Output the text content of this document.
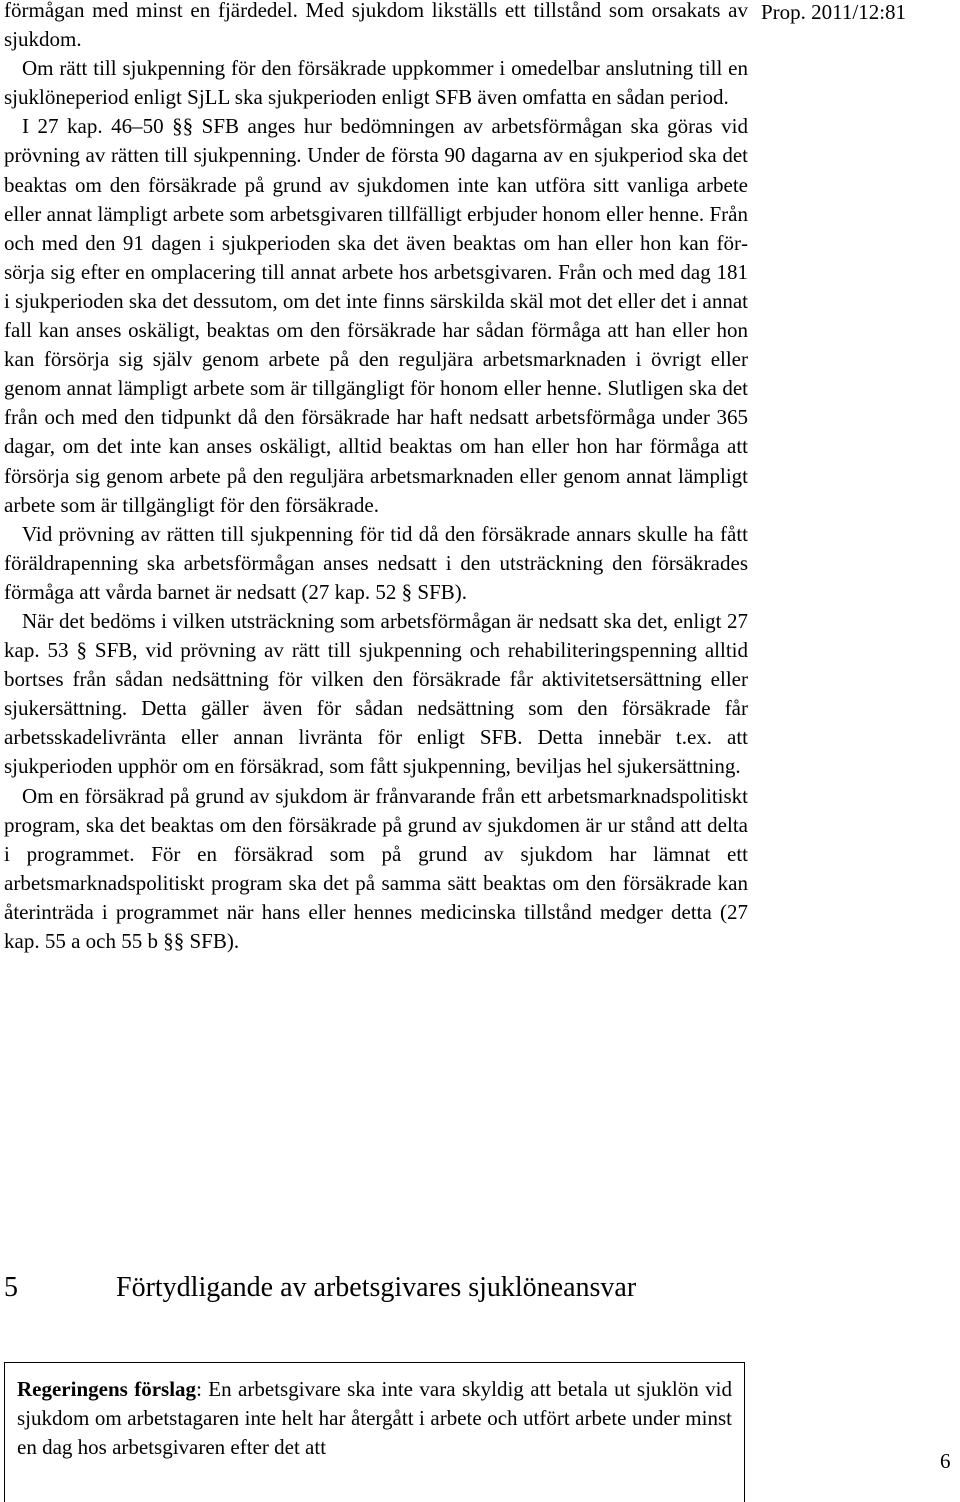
Prop. 2011/12:81

förmågan med minst en fjärdedel. Med sjukdom likställs ett tillstånd som orsakats av sjukdom.

Om rätt till sjukpenning för den försäkrade uppkommer i omedelbar anslutning till en sjuklöneperiod enligt SjLL ska sjukperioden enligt SFB även omfatta en sådan period.

I 27 kap. 46–50 §§ SFB anges hur bedömningen av arbetsförmågan ska göras vid prövning av rätten till sjukpenning. Under de första 90 dagarna av en sjukperiod ska det beaktas om den försäkrade på grund av sjukdomen inte kan utföra sitt vanliga arbete eller annat lämpligt arbete som arbetsgivaren tillfälligt erbjuder honom eller henne. Från och med den 91 dagen i sjukperioden ska det även beaktas om han eller hon kan försörja sig efter en omplacering till annat arbete hos arbetsgivaren. Från och med dag 181 i sjukperioden ska det dessutom, om det inte finns särskilda skäl mot det eller det i annat fall kan anses oskäligt, beaktas om den försäkrade har sådan förmåga att han eller hon kan försörja sig själv genom arbete på den reguljära arbetsmarknaden i övrigt eller genom annat lämpligt arbete som är tillgängligt för honom eller henne. Slutligen ska det från och med den tidpunkt då den försäkrade har haft nedsatt arbetsförmåga under 365 dagar, om det inte kan anses oskäligt, alltid beaktas om han eller hon har förmåga att försörja sig genom arbete på den reguljära arbetsmarknaden eller genom annat lämpligt arbete som är tillgängligt för den försäkrade.

Vid prövning av rätten till sjukpenning för tid då den försäkrade annars skulle ha fått föräldrapenning ska arbetsförmågan anses nedsatt i den utsträckning den försäkrades förmåga att vårda barnet är nedsatt (27 kap. 52 § SFB).

När det bedöms i vilken utsträckning som arbetsförmågan är nedsatt ska det, enligt 27 kap. 53 § SFB, vid prövning av rätt till sjukpenning och rehabiliteringspenning alltid bortses från sådan nedsättning för vilken den försäkrade får aktivitetsersättning eller sjukersättning. Detta gäller även för sådan nedsättning som den försäkrade får arbetsskadelivränta eller annan livränta för enligt SFB. Detta innebär t.ex. att sjukperioden upphör om en försäkrad, som fått sjukpenning, beviljas hel sjukersättning.

Om en försäkrad på grund av sjukdom är frånvarande från ett arbetsmarknadspolitiskt program, ska det beaktas om den försäkrade på grund av sjukdomen är ur stånd att delta i programmet. För en försäkrad som på grund av sjukdom har lämnat ett arbetsmarknadspolitiskt program ska det på samma sätt beaktas om den försäkrade kan återinträda i programmet när hans eller hennes medicinska tillstånd medger detta (27 kap. 55 a och 55 b §§ SFB).

5	Förtydligande av arbetsgivares sjuklöneansvar
Regeringens förslag: En arbetsgivare ska inte vara skyldig att betala ut sjuklön vid sjukdom om arbetstagaren inte helt har återgått i arbete och utfört arbete under minst en dag hos arbetsgivaren efter det att
6
